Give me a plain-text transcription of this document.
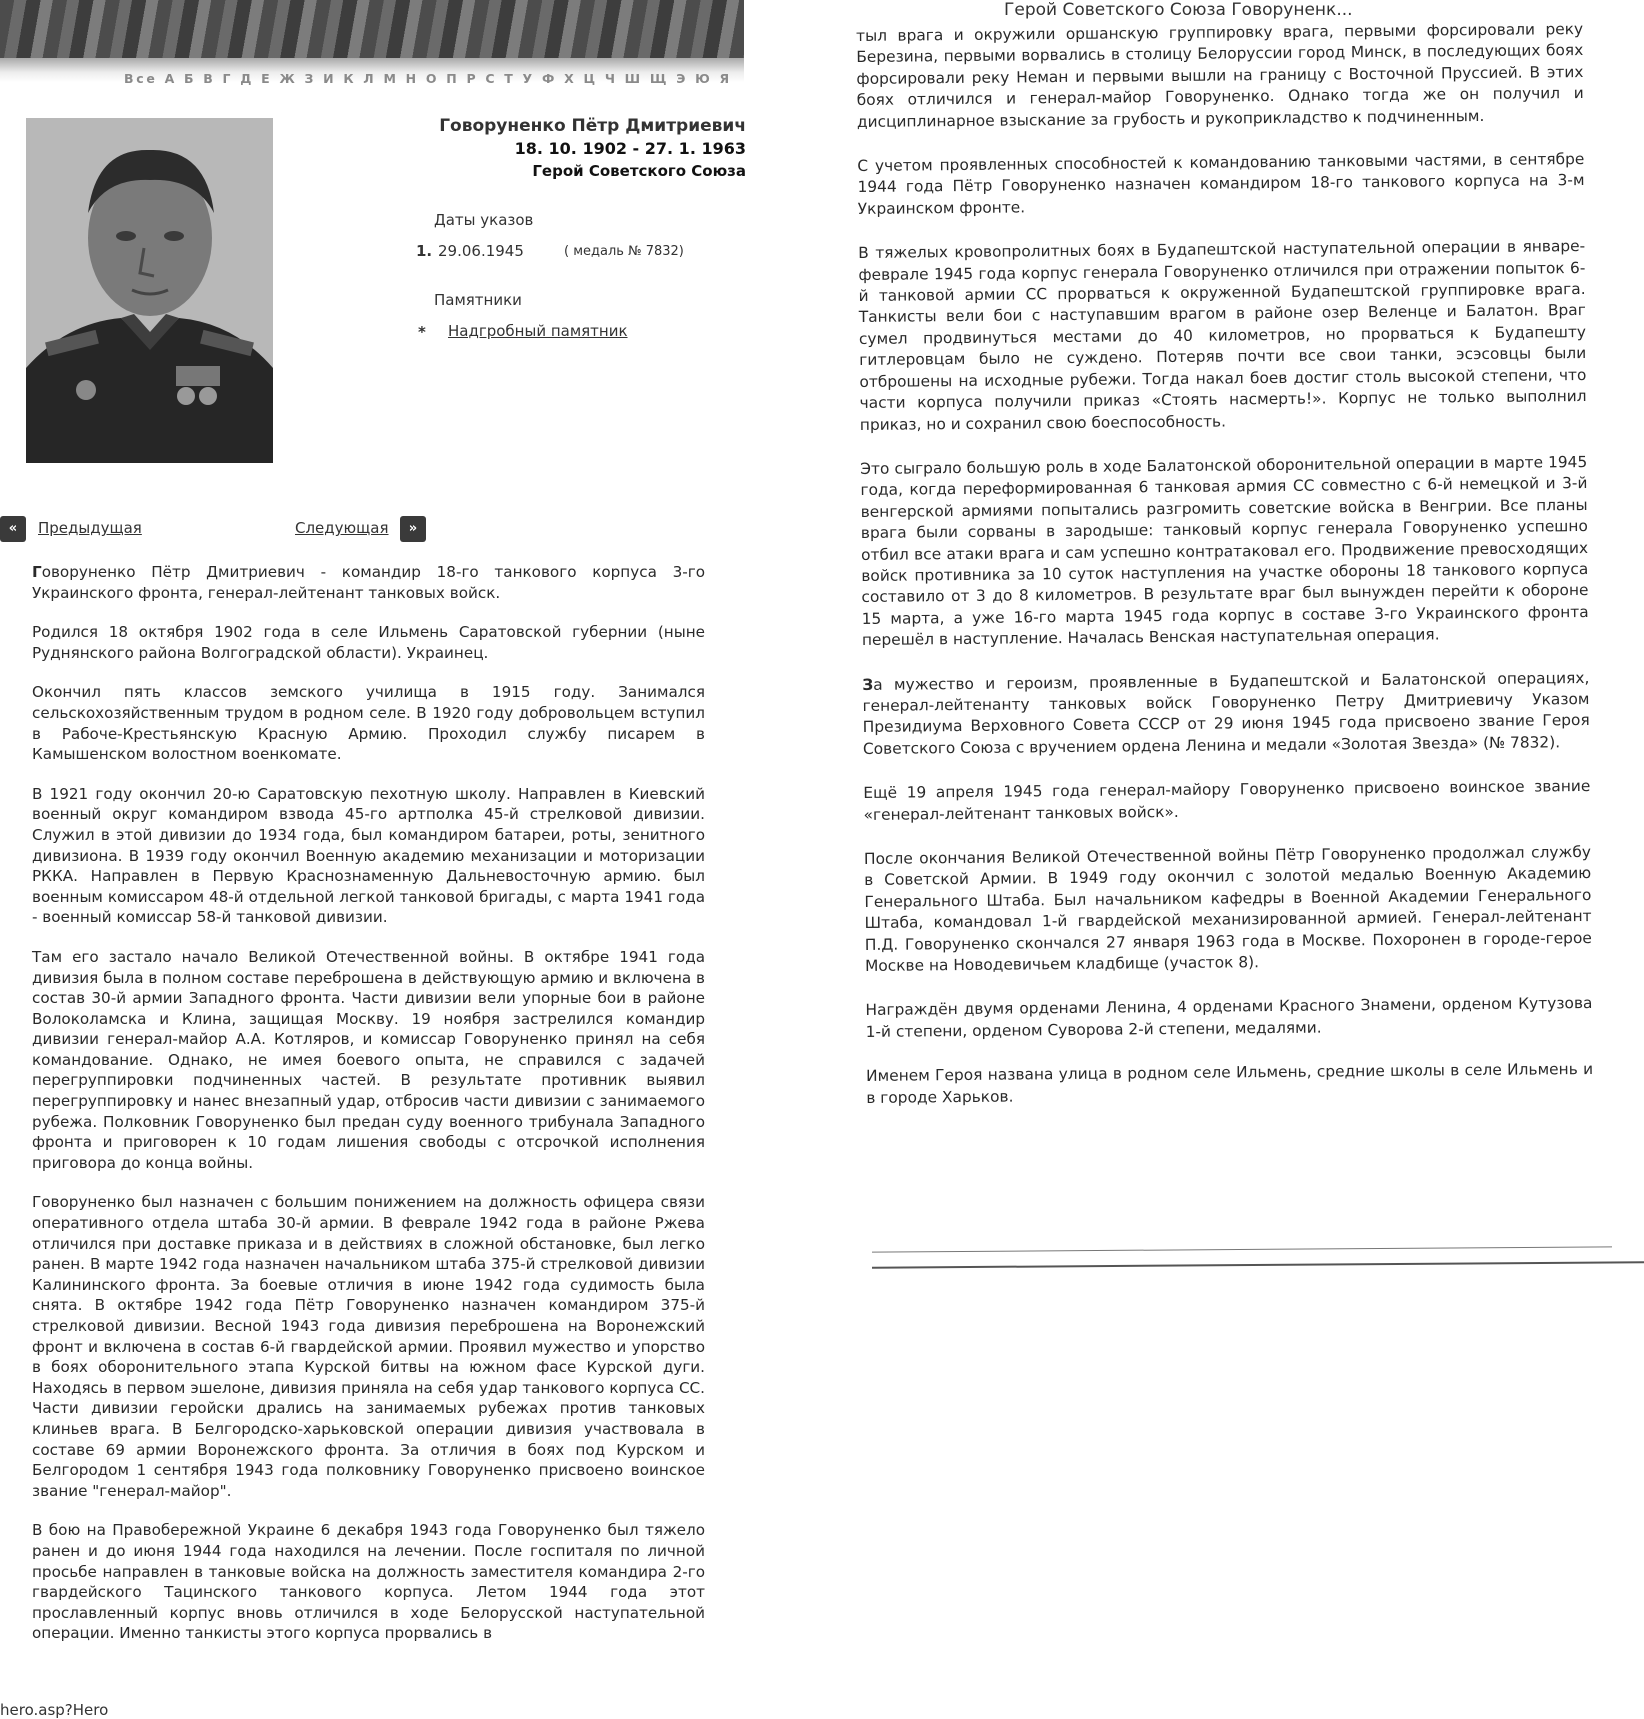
Герой Советского Союза Говоруненк...
Все А Б В Г Д Е Ж З И К Л М Н О П Р С Т У Ф Х Ц Ч Ш Щ Э Ю Я
Говоруненко Пётр Дмитриевич
18. 10. 1902 - 27. 1. 1963
Герой Советского Союза
Даты указов
1. 29.06.1945	( медаль № 7832)
Памятники
* Надгробный памятник
«	Предыдущая	Следующая	»

Говоруненко Пётр Дмитриевич - командир 18-го танкового корпуса 3-го Украинского фронта, генерал-лейтенант танковых войск.

Родился 18 октября 1902 года в селе Ильмень Саратовской губернии (ныне Руднянского района Волгоградской области). Украинец.

Окончил пять классов земского училища в 1915 году. Занимался сельскохозяйственным трудом в родном селе. В 1920 году добровольцем вступил в Рабоче-Крестьянскую Красную Армию. Проходил службу писарем в Камышенском волостном военкомате.

В 1921 году окончил 20-ю Саратовскую пехотную школу. Направлен в Киевский военный округ командиром взвода 45-го артполка 45-й стрелковой дивизии. Служил в этой дивизии до 1934 года, был командиром батареи, роты, зенитного дивизиона. В 1939 году окончил Военную академию механизации и моторизации РККА. Направлен в Первую Краснознаменную Дальневосточную армию. был военным комиссаром 48-й отдельной легкой танковой бригады, с марта 1941 года - военный комиссар 58-й танковой дивизии.

Там его застало начало Великой Отечественной войны. В октябре 1941 года дивизия была в полном составе переброшена в действующую армию и включена в состав 30-й армии Западного фронта. Части дивизии вели упорные бои в районе Волоколамска и Клина, защищая Москву. 19 ноября застрелился командир дивизии генерал-майор А.А. Котляров, и комиссар Говоруненко принял на себя командование. Однако, не имея боевого опыта, не справился с задачей перегруппировки подчиненных частей. В результате противник выявил перегруппировку и нанес внезапный удар, отбросив части дивизии с занимаемого рубежа. Полковник Говоруненко был предан суду военного трибунала Западного фронта и приговорен к 10 годам лишения свободы с отсрочкой исполнения приговора до конца войны.

Говоруненко был назначен с большим понижением на должность офицера связи оперативного отдела штаба 30-й армии. В феврале 1942 года в районе Ржева отличился при доставке приказа и в действиях в сложной обстановке, был легко ранен. В марте 1942 года назначен начальником штаба 375-й стрелковой дивизии Калининского фронта. За боевые отличия в июне 1942 года судимость была снята. В октябре 1942 года Пётр Говоруненко назначен командиром 375-й стрелковой дивизии. Весной 1943 года дивизия переброшена на Воронежский фронт и включена в состав 6-й гвардейской армии. Проявил мужество и упорство в боях оборонительного этапа Курской битвы на южном фасе Курской дуги. Находясь в первом эшелоне, дивизия приняла на себя удар танкового корпуса СС. Части дивизии геройски дрались на занимаемых рубежах против танковых клиньев врага. В Белгородско-харьковской операции дивизия участвовала в составе 69 армии Воронежского фронта. За отличия в боях под Курском и Белгородом 1 сентября 1943 года полковнику Говоруненко присвоено воинское звание "генерал-майор".

В бою на Правобережной Украине 6 декабря 1943 года Говоруненко был тяжело ранен и до июня 1944 года находился на лечении. После госпиталя по личной просьбе направлен в танковые войска на должность заместителя командира 2-го гвардейского Тацинского танкового корпуса. Летом 1944 года этот прославленный корпус вновь отличился в ходе Белорусской наступательной операции. Именно танкисты этого корпуса прорвались в

тыл врага и окружили оршанскую группировку врага, первыми форсировали реку Березина, первыми ворвались в столицу Белоруссии город Минск, в последующих боях форсировали реку Неман и первыми вышли на границу с Восточной Пруссией. В этих боях отличился и генерал-майор Говоруненко. Однако тогда же он получил и дисциплинарное взыскание за грубость и рукоприкладство к подчиненным.

С учетом проявленных способностей к командованию танковыми частями, в сентябре 1944 года Пётр Говоруненко назначен командиром 18-го танкового корпуса на 3-м Украинском фронте.

В тяжелых кровопролитных боях в Будапештской наступательной операции в январе-феврале 1945 года корпус генерала Говоруненко отличился при отражении попыток 6-й танковой армии СС прорваться к окруженной Будапештской группировке врага. Танкисты вели бои с наступавшим врагом в районе озер Веленце и Балатон. Враг сумел продвинуться местами до 40 километров, но прорваться к Будапешту гитлеровцам было не суждено. Потеряв почти все свои танки, эсэсовцы были отброшены на исходные рубежи. Тогда накал боев достиг столь высокой степени, что части корпуса получили приказ «Стоять насмерть!». Корпус не только выполнил приказ, но и сохранил свою боеспособность.

Это сыграло большую роль в ходе Балатонской оборонительной операции в марте 1945 года, когда переформированная 6 танковая армия СС совместно с 6-й немецкой и 3-й венгерской армиями попытались разгромить советские войска в Венгрии. Все планы врага были сорваны в зародыше: танковый корпус генерала Говоруненко успешно отбил все атаки врага и сам успешно контратаковал его. Продвижение превосходящих войск противника за 10 суток наступления на участке обороны 18 танкового корпуса составило от 3 до 8 километров. В результате враг был вынужден перейти к обороне 15 марта, а уже 16-го марта 1945 года корпус в составе 3-го Украинского фронта перешёл в наступление. Началась Венская наступательная операция.

За мужество и героизм, проявленные в Будапештской и Балатонской операциях, генерал-лейтенанту танковых войск Говоруненко Петру Дмитриевичу Указом Президиума Верховного Совета СССР от 29 июня 1945 года присвоено звание Героя Советского Союза с вручением ордена Ленина и медали «Золотая Звезда» (№ 7832).

Ещё 19 апреля 1945 года генерал-майору Говоруненко присвоено воинское звание «генерал-лейтенант танковых войск».

После окончания Великой Отечественной войны Пётр Говоруненко продолжал службу в Советской Армии. В 1949 году окончил с золотой медалью Военную Академию Генерального Штаба. Был начальником кафедры в Военной Академии Генерального Штаба, командовал 1-й гвардейской механизированной армией. Генерал-лейтенант П.Д. Говоруненко скончался 27 января 1963 года в Москве. Похоронен в городе-герое Москве на Новодевичьем кладбище (участок 8).

Награждён двумя орденами Ленина, 4 орденами Красного Знамени, орденом Кутузова 1-й степени, орденом Суворова 2-й степени, медалями.

Именем Героя названа улица в родном селе Ильмень, средние школы в селе Ильмень и в городе Харьков.

hero.asp?Hero
